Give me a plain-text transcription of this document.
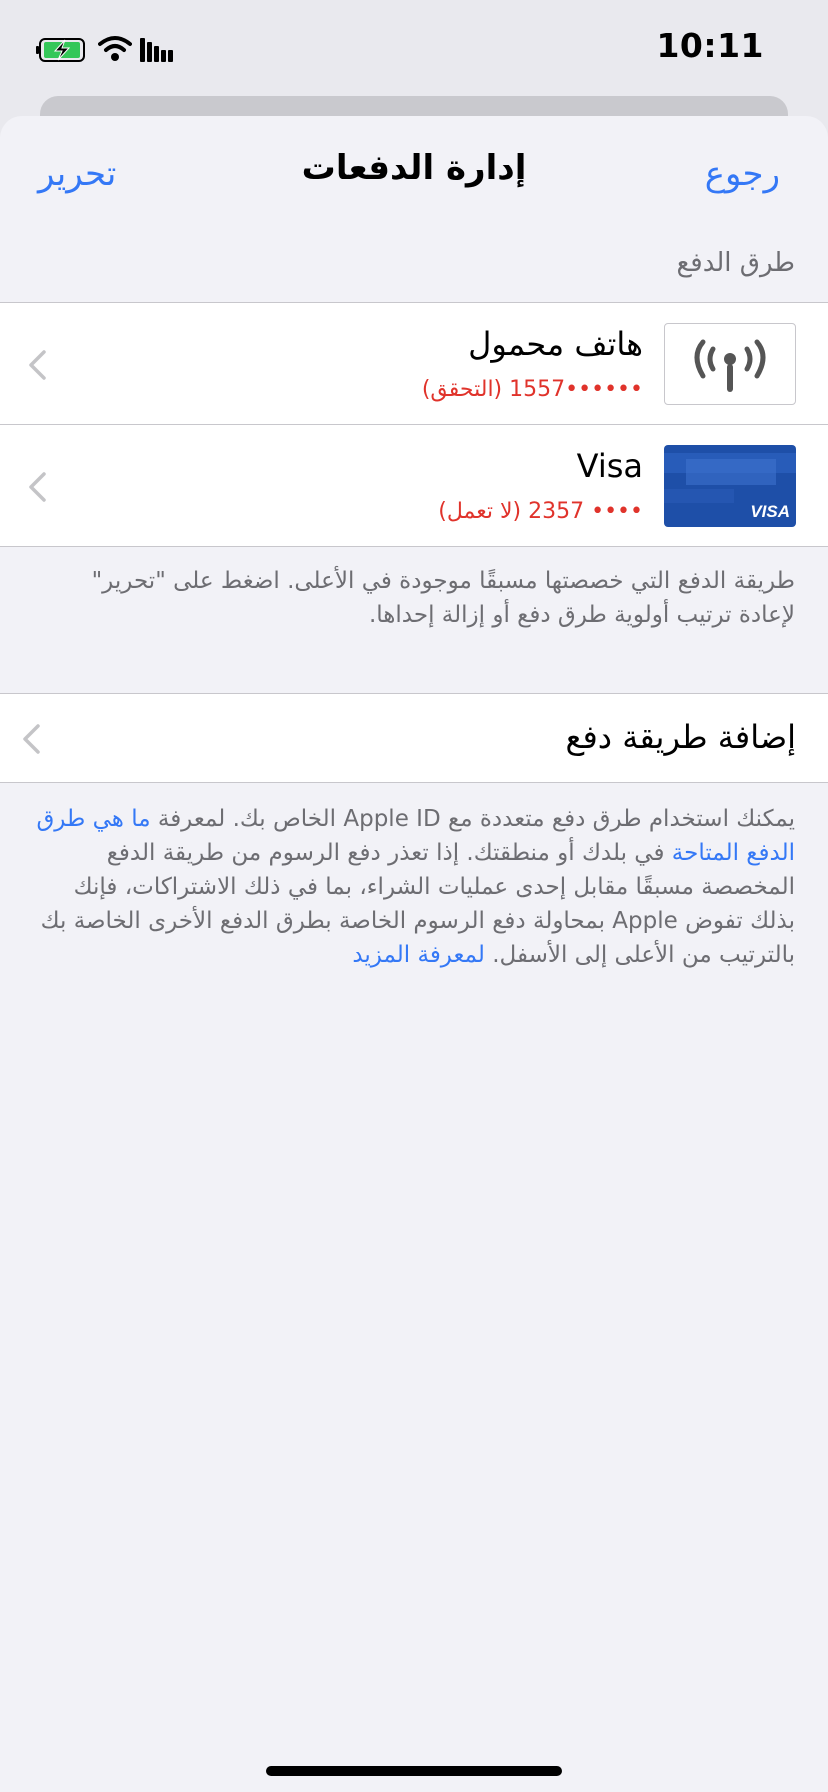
10:11
تحرير	إدارة الدفعات	رجوع
طرق الدفع
هاتف محمول
••••••1557 (التحقق)
VISA
Visa
•••• 2357 (لا تعمل)
طريقة الدفع التي خصصتها مسبقًا موجودة في الأعلى. اضغط على "تحرير" لإعادة ترتيب أولوية طرق دفع أو إزالة إحداها.
إضافة طريقة دفع
يمكنك استخدام طرق دفع متعددة مع Apple ID الخاص بك. لمعرفة ما هي طرق الدفع المتاحة في بلدك أو منطقتك. إذا تعذر دفع الرسوم من طريقة الدفع المخصصة مسبقًا مقابل إحدى عمليات الشراء، بما في ذلك الاشتراكات، فإنك بذلك تفوض Apple بمحاولة دفع الرسوم الخاصة بطرق الدفع الأخرى الخاصة بك بالترتيب من الأعلى إلى الأسفل. لمعرفة المزيد
